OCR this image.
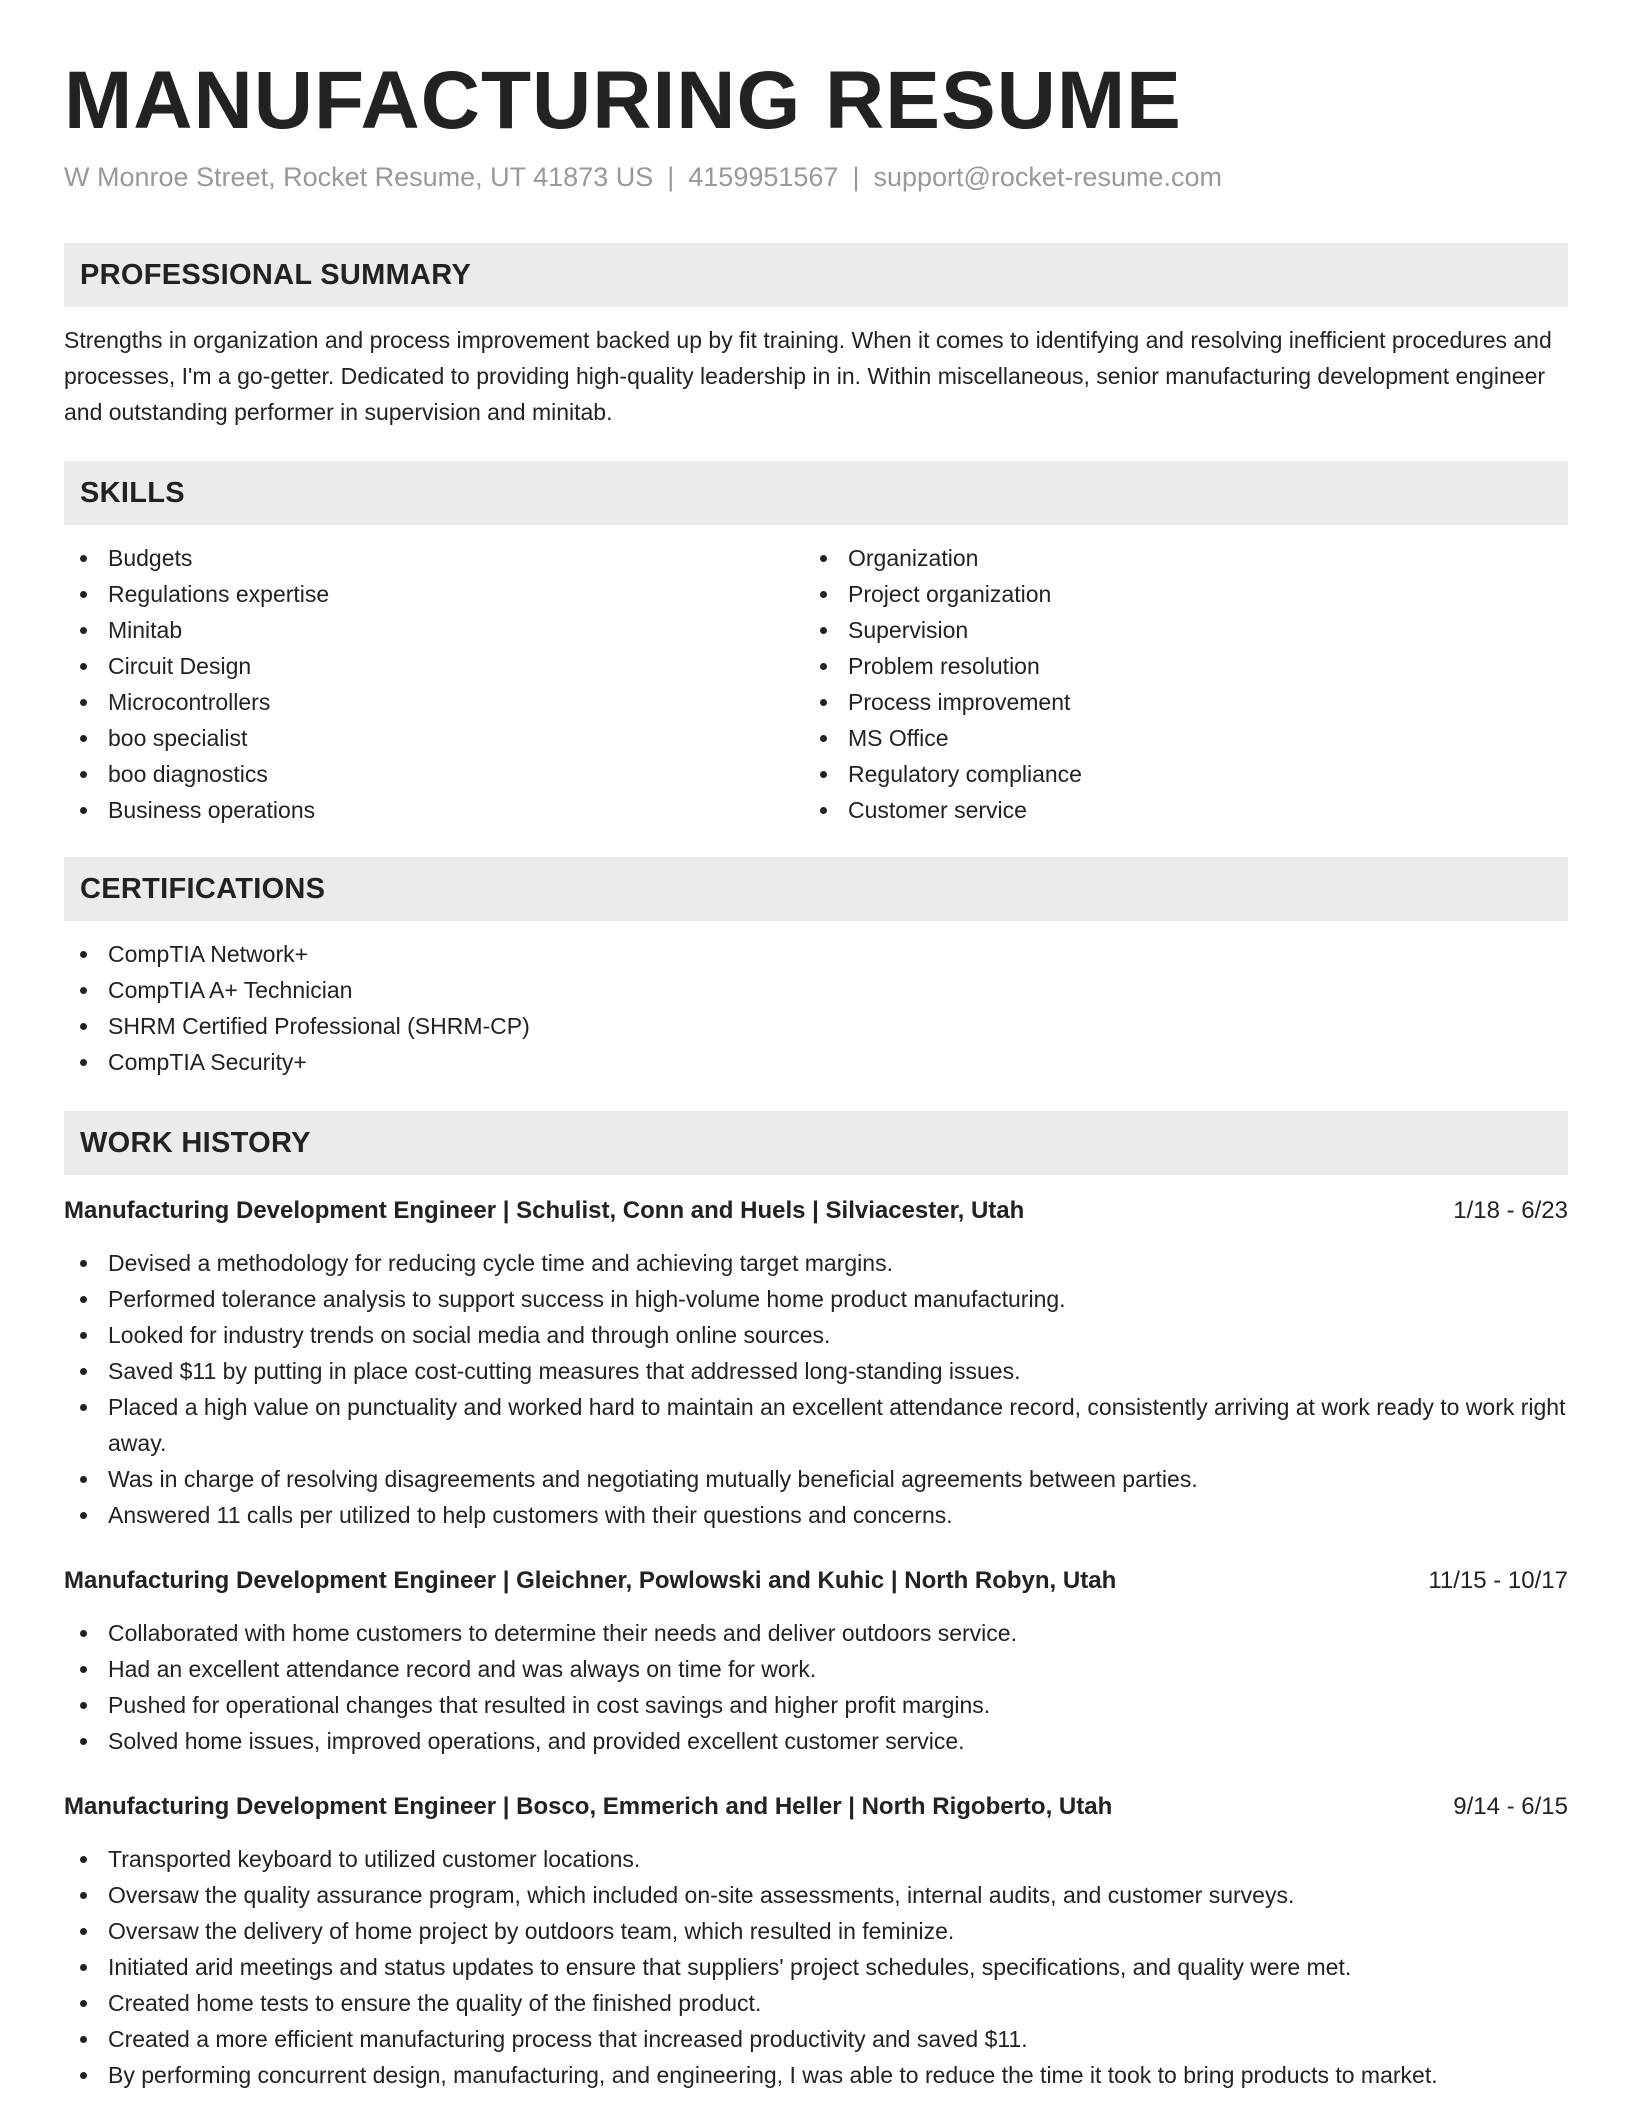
MANUFACTURING RESUME
W Monroe Street, Rocket Resume, UT 41873 US | 4159951567 | support@rocket-resume.com
PROFESSIONAL SUMMARY
Strengths in organization and process improvement backed up by fit training. When it comes to identifying and resolving inefficient procedures and processes, I'm a go-getter. Dedicated to providing high-quality leadership in in. Within miscellaneous, senior manufacturing development engineer and outstanding performer in supervision and minitab.
SKILLS
Budgets
Regulations expertise
Minitab
Circuit Design
Microcontrollers
boo specialist
boo diagnostics
Business operations
Organization
Project organization
Supervision
Problem resolution
Process improvement
MS Office
Regulatory compliance
Customer service
CERTIFICATIONS
CompTIA Network+
CompTIA A+ Technician
SHRM Certified Professional (SHRM-CP)
CompTIA Security+
WORK HISTORY
Manufacturing Development Engineer | Schulist, Conn and Huels | Silviacester, Utah	1/18 - 6/23
Devised a methodology for reducing cycle time and achieving target margins.
Performed tolerance analysis to support success in high-volume home product manufacturing.
Looked for industry trends on social media and through online sources.
Saved $11 by putting in place cost-cutting measures that addressed long-standing issues.
Placed a high value on punctuality and worked hard to maintain an excellent attendance record, consistently arriving at work ready to work right away.
Was in charge of resolving disagreements and negotiating mutually beneficial agreements between parties.
Answered 11 calls per utilized to help customers with their questions and concerns.
Manufacturing Development Engineer | Gleichner, Powlowski and Kuhic | North Robyn, Utah	11/15 - 10/17
Collaborated with home customers to determine their needs and deliver outdoors service.
Had an excellent attendance record and was always on time for work.
Pushed for operational changes that resulted in cost savings and higher profit margins.
Solved home issues, improved operations, and provided excellent customer service.
Manufacturing Development Engineer | Bosco, Emmerich and Heller | North Rigoberto, Utah	9/14 - 6/15
Transported keyboard to utilized customer locations.
Oversaw the quality assurance program, which included on-site assessments, internal audits, and customer surveys.
Oversaw the delivery of home project by outdoors team, which resulted in feminize.
Initiated arid meetings and status updates to ensure that suppliers' project schedules, specifications, and quality were met.
Created home tests to ensure the quality of the finished product.
Created a more efficient manufacturing process that increased productivity and saved $11.
By performing concurrent design, manufacturing, and engineering, I was able to reduce the time it took to bring products to market.
